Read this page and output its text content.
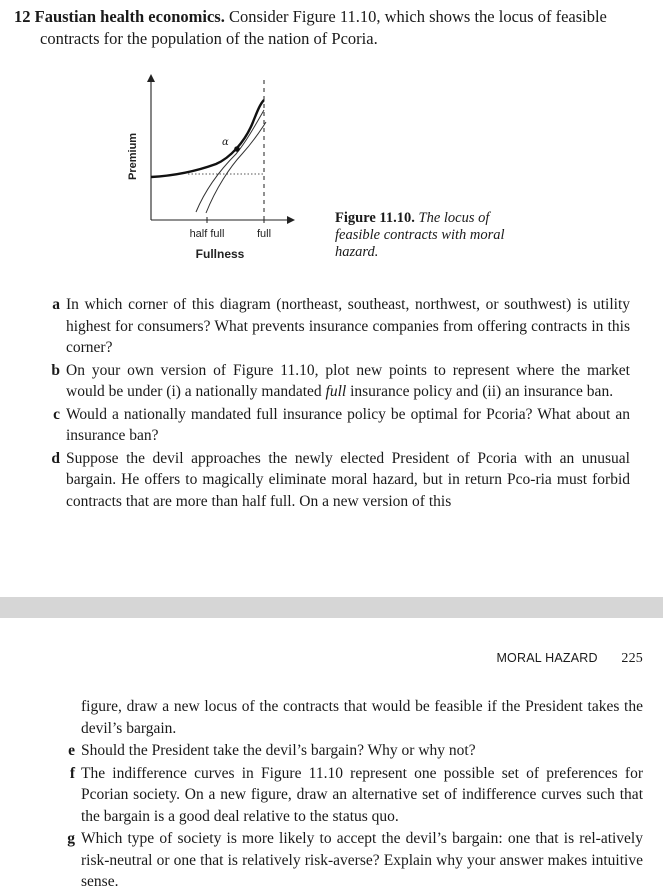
12 Faustian health economics. Consider Figure 11.10, which shows the locus of feasible
contracts for the population of the nation of Pcoria.
α
Premium
half full	full
Fullness
Figure 11.10. The locus of
feasible contracts with moral
hazard.
a In which corner of this diagram (northeast, southeast, northwest, or southwest) is utility highest for consumers? What prevents insurance companies from offering contracts in this corner?
b On your own version of Figure 11.10, plot new points to represent where the market would be under (i) a nationally mandated full insurance policy and (ii) an insurance ban.
c Would a nationally mandated full insurance policy be optimal for Pcoria? What about an insurance ban?
d Suppose the devil approaches the newly elected President of Pcoria with an unusual bargain. He offers to magically eliminate moral hazard, but in return Pco-ria must forbid contracts that are more than half full. On a new version of this
MORAL HAZARD 225
figure, draw a new locus of the contracts that would be feasible if the President takes the devil’s bargain.
e Should the President take the devil’s bargain? Why or why not?
f The indifference curves in Figure 11.10 represent one possible set of preferences for Pcorian society. On a new figure, draw an alternative set of indifference curves such that the bargain is a good deal relative to the status quo.
g Which type of society is more likely to accept the devil’s bargain: one that is rel-atively risk-neutral or one that is relatively risk-averse? Explain why your answer makes intuitive sense.
